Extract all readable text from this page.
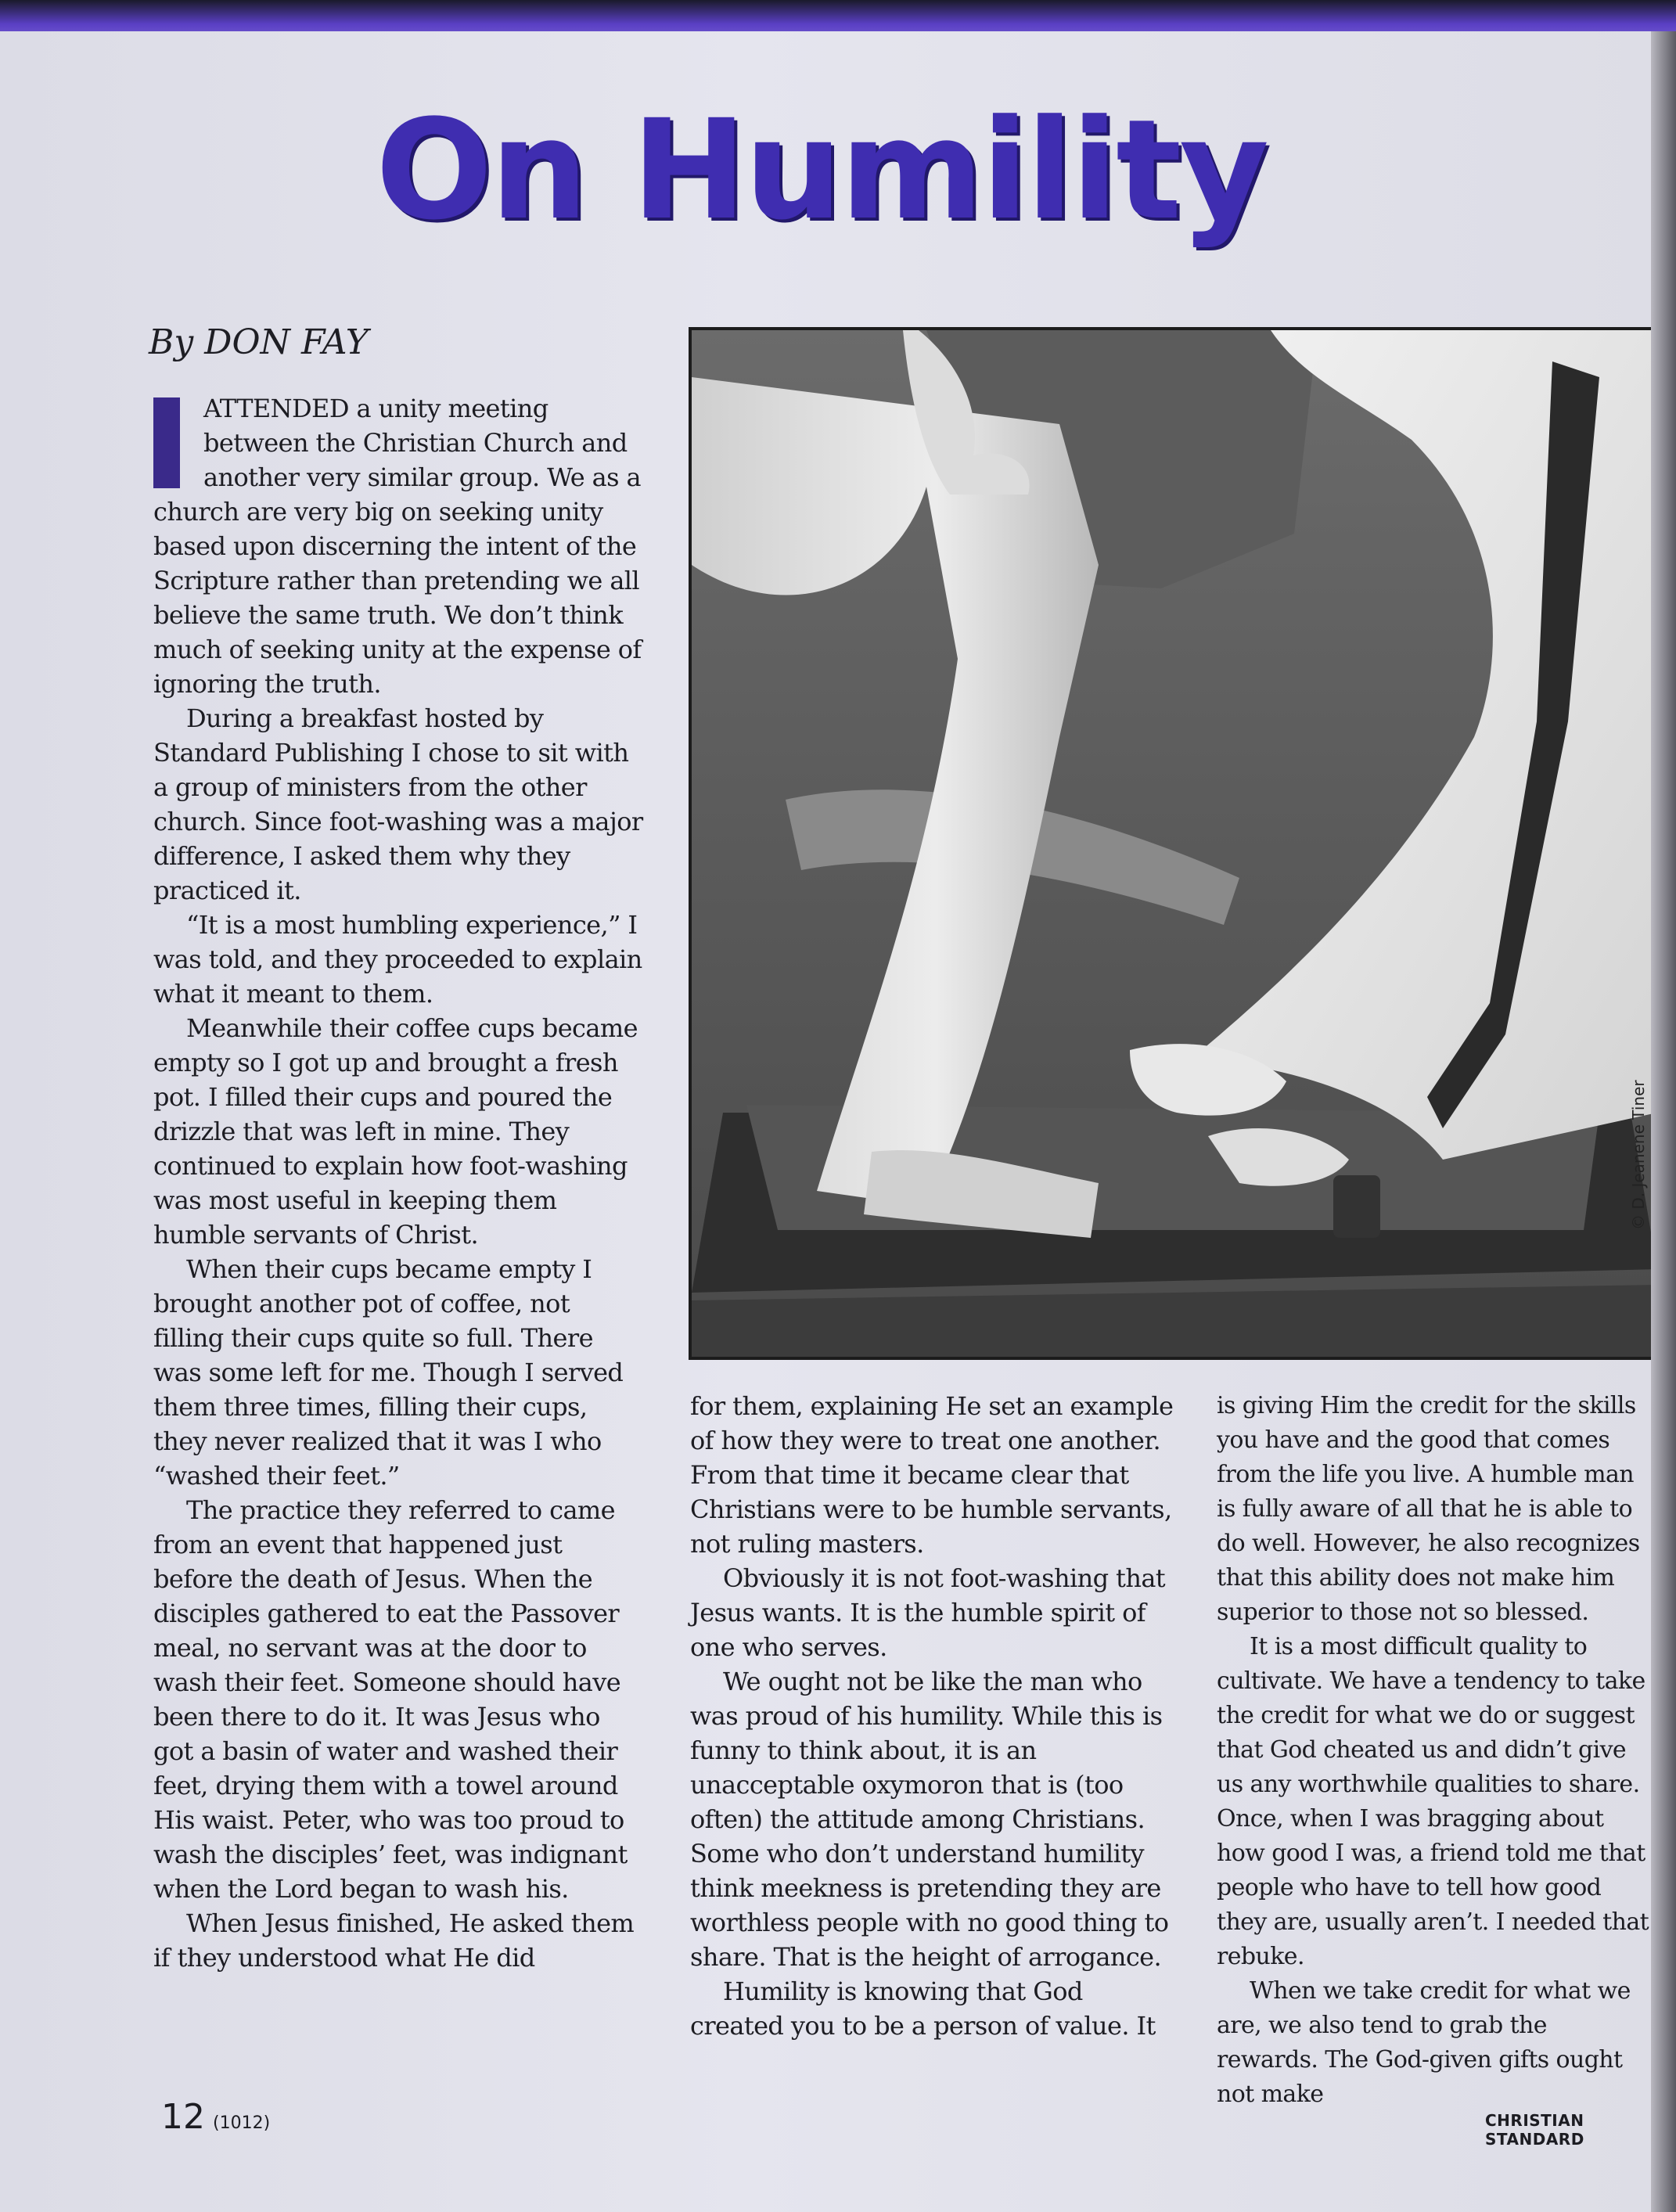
On Humility
By DON FAY

ATTENDED a unity meeting between the Christian Church and another very similar group. We as a church are very big on seeking unity based upon discerning the intent of the Scripture rather than pretending we all believe the same truth. We don’t think much of seeking unity at the expense of ignoring the truth.

During a breakfast hosted by Standard Publishing I chose to sit with a group of ministers from the other church. Since foot-washing was a major difference, I asked them why they practiced it.

“It is a most humbling experience,” I was told, and they proceeded to explain what it meant to them.

Meanwhile their coffee cups became empty so I got up and brought a fresh pot. I filled their cups and poured the drizzle that was left in mine. They continued to explain how foot-washing was most useful in keeping them humble servants of Christ.

When their cups became empty I brought another pot of coffee, not filling their cups quite so full. There was some left for me. Though I served them three times, filling their cups, they never realized that it was I who “washed their feet.”

The practice they referred to came from an event that happened just before the death of Jesus. When the disciples gathered to eat the Passover meal, no servant was at the door to wash their feet. Someone should have been there to do it. It was Jesus who got a basin of water and washed their feet, drying them with a towel around His waist. Peter, who was too proud to wash the disciples’ feet, was indignant when the Lord began to wash his.

When Jesus finished, He asked them if they understood what He did

© D. Jeanene Tiner

for them, explaining He set an example of how they were to treat one another. From that time it became clear that Christians were to be humble servants, not ruling masters.

Obviously it is not foot-washing that Jesus wants. It is the humble spirit of one who serves.

We ought not be like the man who was proud of his humility. While this is funny to think about, it is an unacceptable oxymoron that is (too often) the attitude among Christians. Some who don’t understand humility think meekness is pretending they are worthless people with no good thing to share. That is the height of arrogance.

Humility is knowing that God created you to be a person of value. It

is giving Him the credit for the skills you have and the good that comes from the life you live. A humble man is fully aware of all that he is able to do well. However, he also recognizes that this ability does not make him superior to those not so blessed.

It is a most difficult quality to cultivate. We have a tendency to take the credit for what we do or suggest that God cheated us and didn’t give us any worthwhile qualities to share. Once, when I was bragging about how good I was, a friend told me that people who have to tell how good they are, usually aren’t. I needed that rebuke.

When we take credit for what we are, we also tend to grab the rewards. The God-given gifts ought not make

12 (1012)	CHRISTIAN STANDARD
